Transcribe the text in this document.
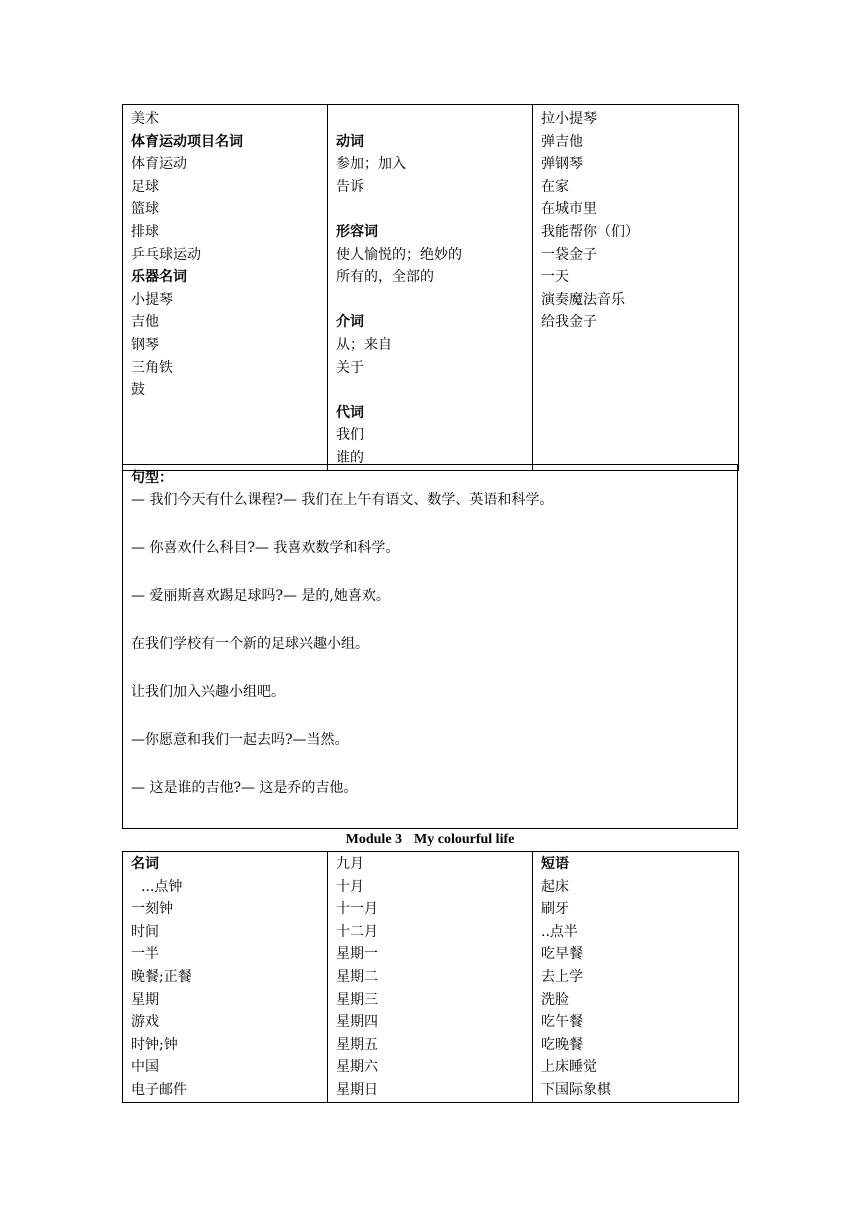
美术
体育运动项目名词
体育运动
足球
篮球
排球
乒乓球运动
乐器名词
小提琴
吉他
钢琴
三角铁
鼓

动词
参加；加入
告诉
形容词
使人愉悦的；绝妙的
所有的，全部的
介词
从；来自
关于
代词
我们
谁的

拉小提琴
弹吉他
弹钢琴
在家
在城市里
我能帮你（们）
一袋金子
一天
演奏魔法音乐
给我金子
句型：
— 我们今天有什么课程?— 我们在上午有语文、数学、英语和科学。
— 你喜欢什么科目?— 我喜欢数学和科学。
— 爱丽斯喜欢踢足球吗?— 是的,她喜欢。
在我们学校有一个新的足球兴趣小组。
让我们加入兴趣小组吧。
—你愿意和我们一起去吗?—当然。
— 这是谁的吉他?— 这是乔的吉他。
Module 3 My colourful life
名词
...点钟
一刻钟
时间
一半
晚餐;正餐
星期
游戏
时钟;钟
中国
电子邮件

九月
十月
十一月
十二月
星期一
星期二
星期三
星期四
星期五
星期六
星期日

短语
起床
刷牙
..点半
吃早餐
去上学
洗脸
吃午餐
吃晚餐
上床睡觉
下国际象棋
